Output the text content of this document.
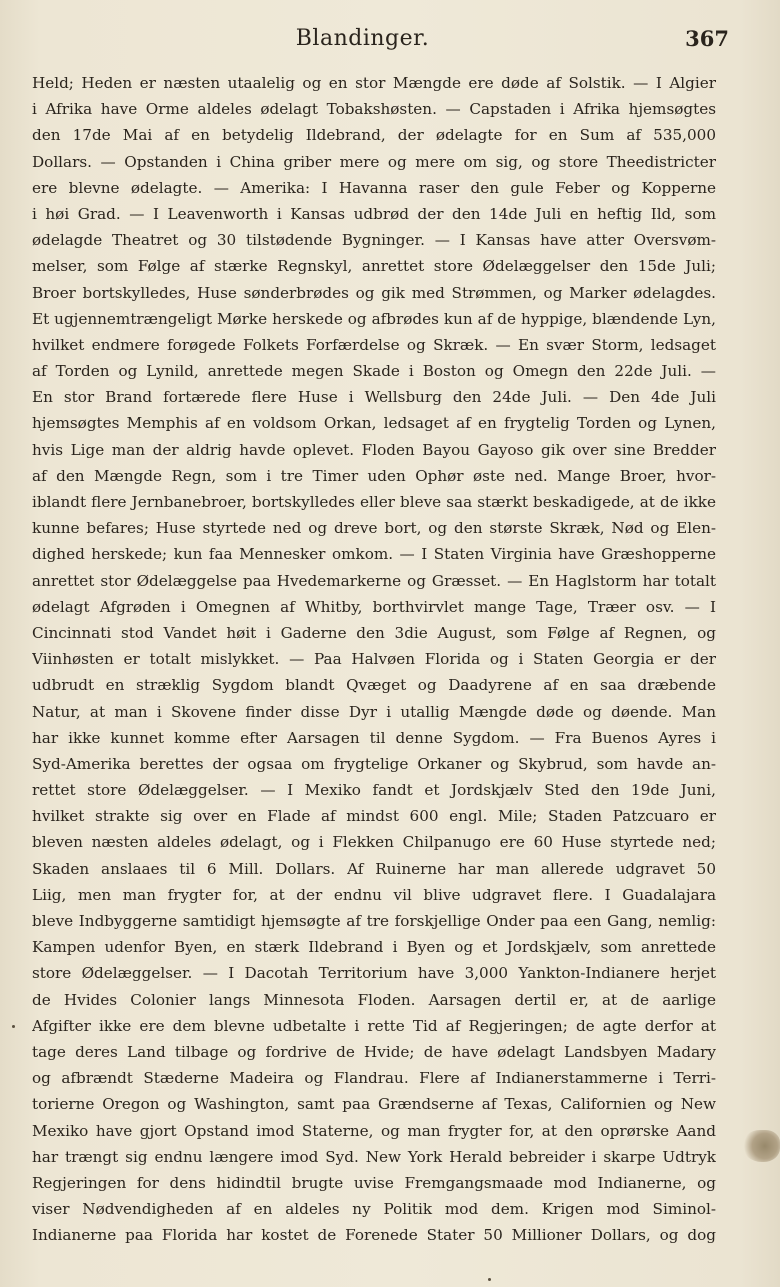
Blandinger.	367
Held; Heden er næsten utaalelig og en stor Mængde ere døde af Solstik. — I Algier
i Afrika have Orme aldeles ødelagt Tobakshøsten. — Capstaden i Afrika hjemsøgtes
den 17de Mai af en betydelig Ildebrand, der ødelagte for en Sum af 535,000
Dollars. — Opstanden i China griber mere og mere om sig, og store Theedistricter
ere blevne ødelagte. — Amerika: I Havanna raser den gule Feber og Kopperne
i høi Grad. — I Leavenworth i Kansas udbrød der den 14de Juli en heftig Ild, som
ødelagde Theatret og 30 tilstødende Bygninger. — I Kansas have atter Oversvøm-
melser, som Følge af stærke Regnskyl, anrettet store Ødelæggelser den 15de Juli;
Broer bortskylledes, Huse sønderbrødes og gik med Strømmen, og Marker ødelagdes.
Et ugjennemtrængeligt Mørke herskede og afbrødes kun af de hyppige, blændende Lyn,
hvilket endmere forøgede Folkets Forfærdelse og Skræk. — En svær Storm, ledsaget
af Torden og Lynild, anrettede megen Skade i Boston og Omegn den 22de Juli. —
En stor Brand fortærede flere Huse i Wellsburg den 24de Juli. — Den 4de Juli
hjemsøgtes Memphis af en voldsom Orkan, ledsaget af en frygtelig Torden og Lynen,
hvis Lige man der aldrig havde oplevet. Floden Bayou Gayoso gik over sine Bredder
af den Mængde Regn, som i tre Timer uden Ophør øste ned. Mange Broer, hvor-
iblandt flere Jernbanebroer, bortskylledes eller bleve saa stærkt beskadigede, at de ikke
kunne befares; Huse styrtede ned og dreve bort, og den største Skræk, Nød og Elen-
dighed herskede; kun faa Mennesker omkom. — I Staten Virginia have Græshopperne
anrettet stor Ødelæggelse paa Hvedemarkerne og Græsset. — En Haglstorm har totalt
ødelagt Afgrøden i Omegnen af Whitby, borthvirvlet mange Tage, Træer osv. — I
Cincinnati stod Vandet høit i Gaderne den 3die August, som Følge af Regnen, og
Viinhøsten er totalt mislykket. — Paa Halvøen Florida og i Staten Georgia er der
udbrudt en stræklig Sygdom blandt Qvæget og Daadyrene af en saa dræbende
Natur, at man i Skovene finder disse Dyr i utallig Mængde døde og døende. Man
har ikke kunnet komme efter Aarsagen til denne Sygdom. — Fra Buenos Ayres i
Syd-Amerika berettes der ogsaa om frygtelige Orkaner og Skybrud, som havde an-
rettet store Ødelæggelser. — I Mexiko fandt et Jordskjælv Sted den 19de Juni,
hvilket strakte sig over en Flade af mindst 600 engl. Mile; Staden Patzcuaro er
bleven næsten aldeles ødelagt, og i Flekken Chilpanugo ere 60 Huse styrtede ned;
Skaden anslaaes til 6 Mill. Dollars. Af Ruinerne har man allerede udgravet 50
Liig, men man frygter for, at der endnu vil blive udgravet flere. I Guadalajara
bleve Indbyggerne samtidigt hjemsøgte af tre forskjellige Onder paa een Gang, nemlig:
Kampen udenfor Byen, en stærk Ildebrand i Byen og et Jordskjælv, som anrettede
store Ødelæggelser. — I Dacotah Territorium have 3,000 Yankton-Indianere herjet
de Hvides Colonier langs Minnesota Floden. Aarsagen dertil er, at de aarlige
Afgifter ikke ere dem blevne udbetalte i rette Tid af Regjeringen; de agte derfor at
tage deres Land tilbage og fordrive de Hvide; de have ødelagt Landsbyen Madary
og afbrændt Stæderne Madeira og Flandrau. Flere af Indianerstammerne i Terri-
torierne Oregon og Washington, samt paa Grændserne af Texas, Californien og New
Mexiko have gjort Opstand imod Staterne, og man frygter for, at den oprørske Aand
har trængt sig endnu længere imod Syd. New York Herald bebreider i skarpe Udtryk
Regjeringen for dens hidindtil brugte uvise Fremgangsmaade mod Indianerne, og
viser Nødvendigheden af en aldeles ny Politik mod dem. Krigen mod Siminol-
Indianerne paa Florida har kostet de Forenede Stater 50 Millioner Dollars, og dog
